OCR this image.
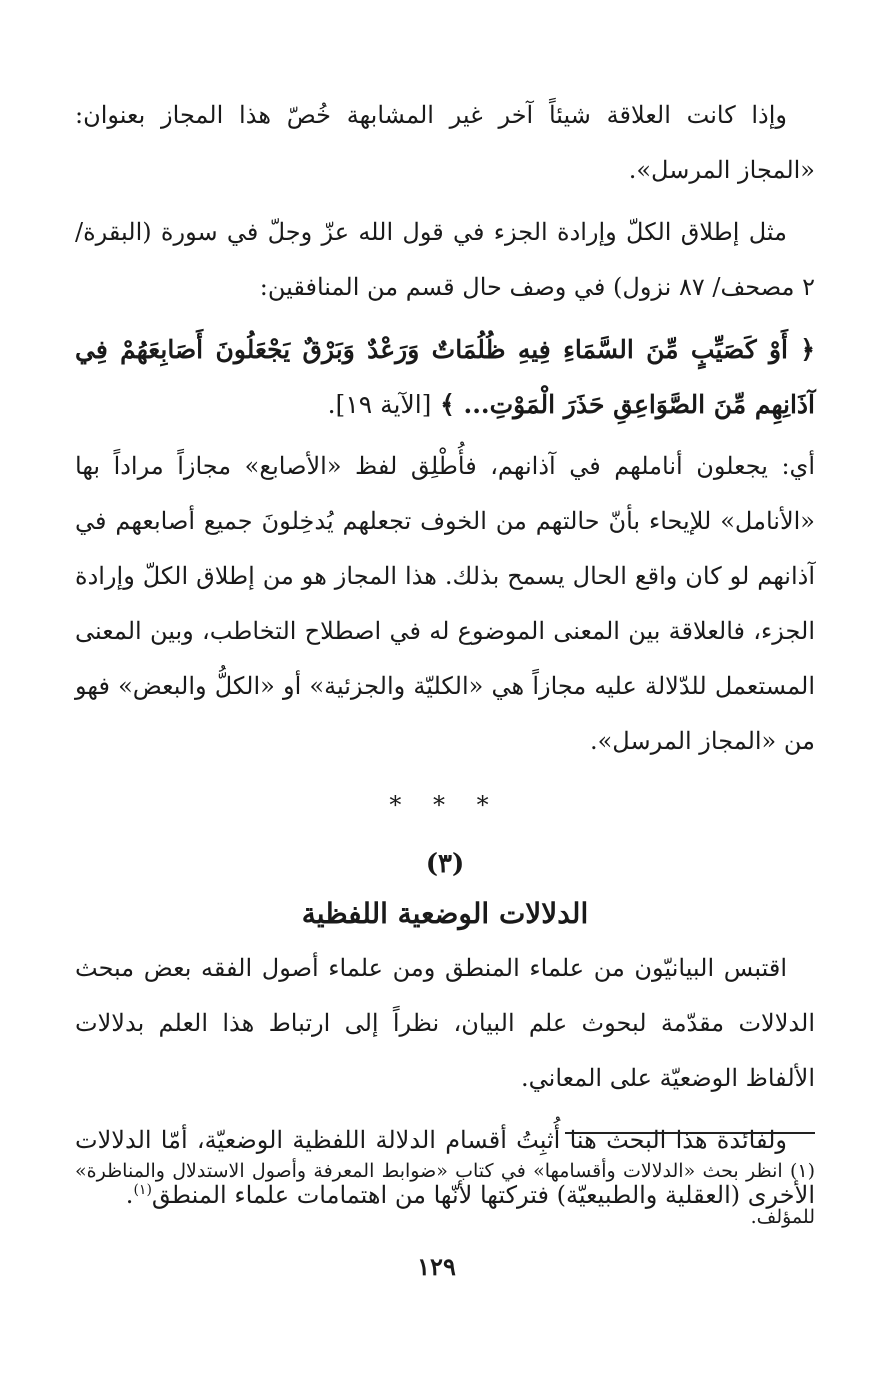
وإذا كانت العلاقة شيئاً آخر غير المشابهة خُصّ هذا المجاز بعنوان: «المجاز المرسل».

مثل إطلاق الكلّ وإرادة الجزء في قول الله عزّ وجلّ في سورة (البقرة/ ٢ مصحف/ ٨٧ نزول) في وصف حال قسم من المنافقين:

﴿ أَوْ كَصَيِّبٍ مِّنَ السَّمَاءِ فِيهِ ظُلُمَاتٌ وَرَعْدٌ وَبَرْقٌ يَجْعَلُونَ أَصَابِعَهُمْ فِي آذَانِهِم مِّنَ الصَّوَاعِقِ حَذَرَ الْمَوْتِ... ﴾ [الآية ١٩].

أي: يجعلون أناملهم في آذانهم، فأُطْلِق لفظ «الأصابع» مجازاً مراداً بها «الأنامل» للإيحاء بأنّ حالتهم من الخوف تجعلهم يُدخِلونَ جميع أصابعهم في آذانهم لو كان واقع الحال يسمح بذلك. هذا المجاز هو من إطلاق الكلّ وإرادة الجزء، فالعلاقة بين المعنى الموضوع له في اصطلاح التخاطب، وبين المعنى المستعمل للدّلالة عليه مجازاً هي «الكليّة والجزئية» أو «الكلُّ والبعض» فهو من «المجاز المرسل».

* * *
(٣)
الدلالات الوضعية اللفظية

اقتبس البيانيّون من علماء المنطق ومن علماء أصول الفقه بعض مبحث الدلالات مقدّمة لبحوث علم البيان، نظراً إلى ارتباط هذا العلم بدلالات الألفاظ الوضعيّة على المعاني.

ولفائدة هذا البحث هنا أُثبِتُ أقسام الدلالة اللفظية الوضعيّة، أمّا الدلالات الأخرى (العقلية والطبيعيّة) فتركتها لأنّها من اهتمامات علماء المنطق$^{(١)}$.

(١) انظر بحث «الدلالات وأقسامها» في كتاب «ضوابط المعرفة وأصول الاستدلال والمناظرة» للمؤلف.
١٢٩
